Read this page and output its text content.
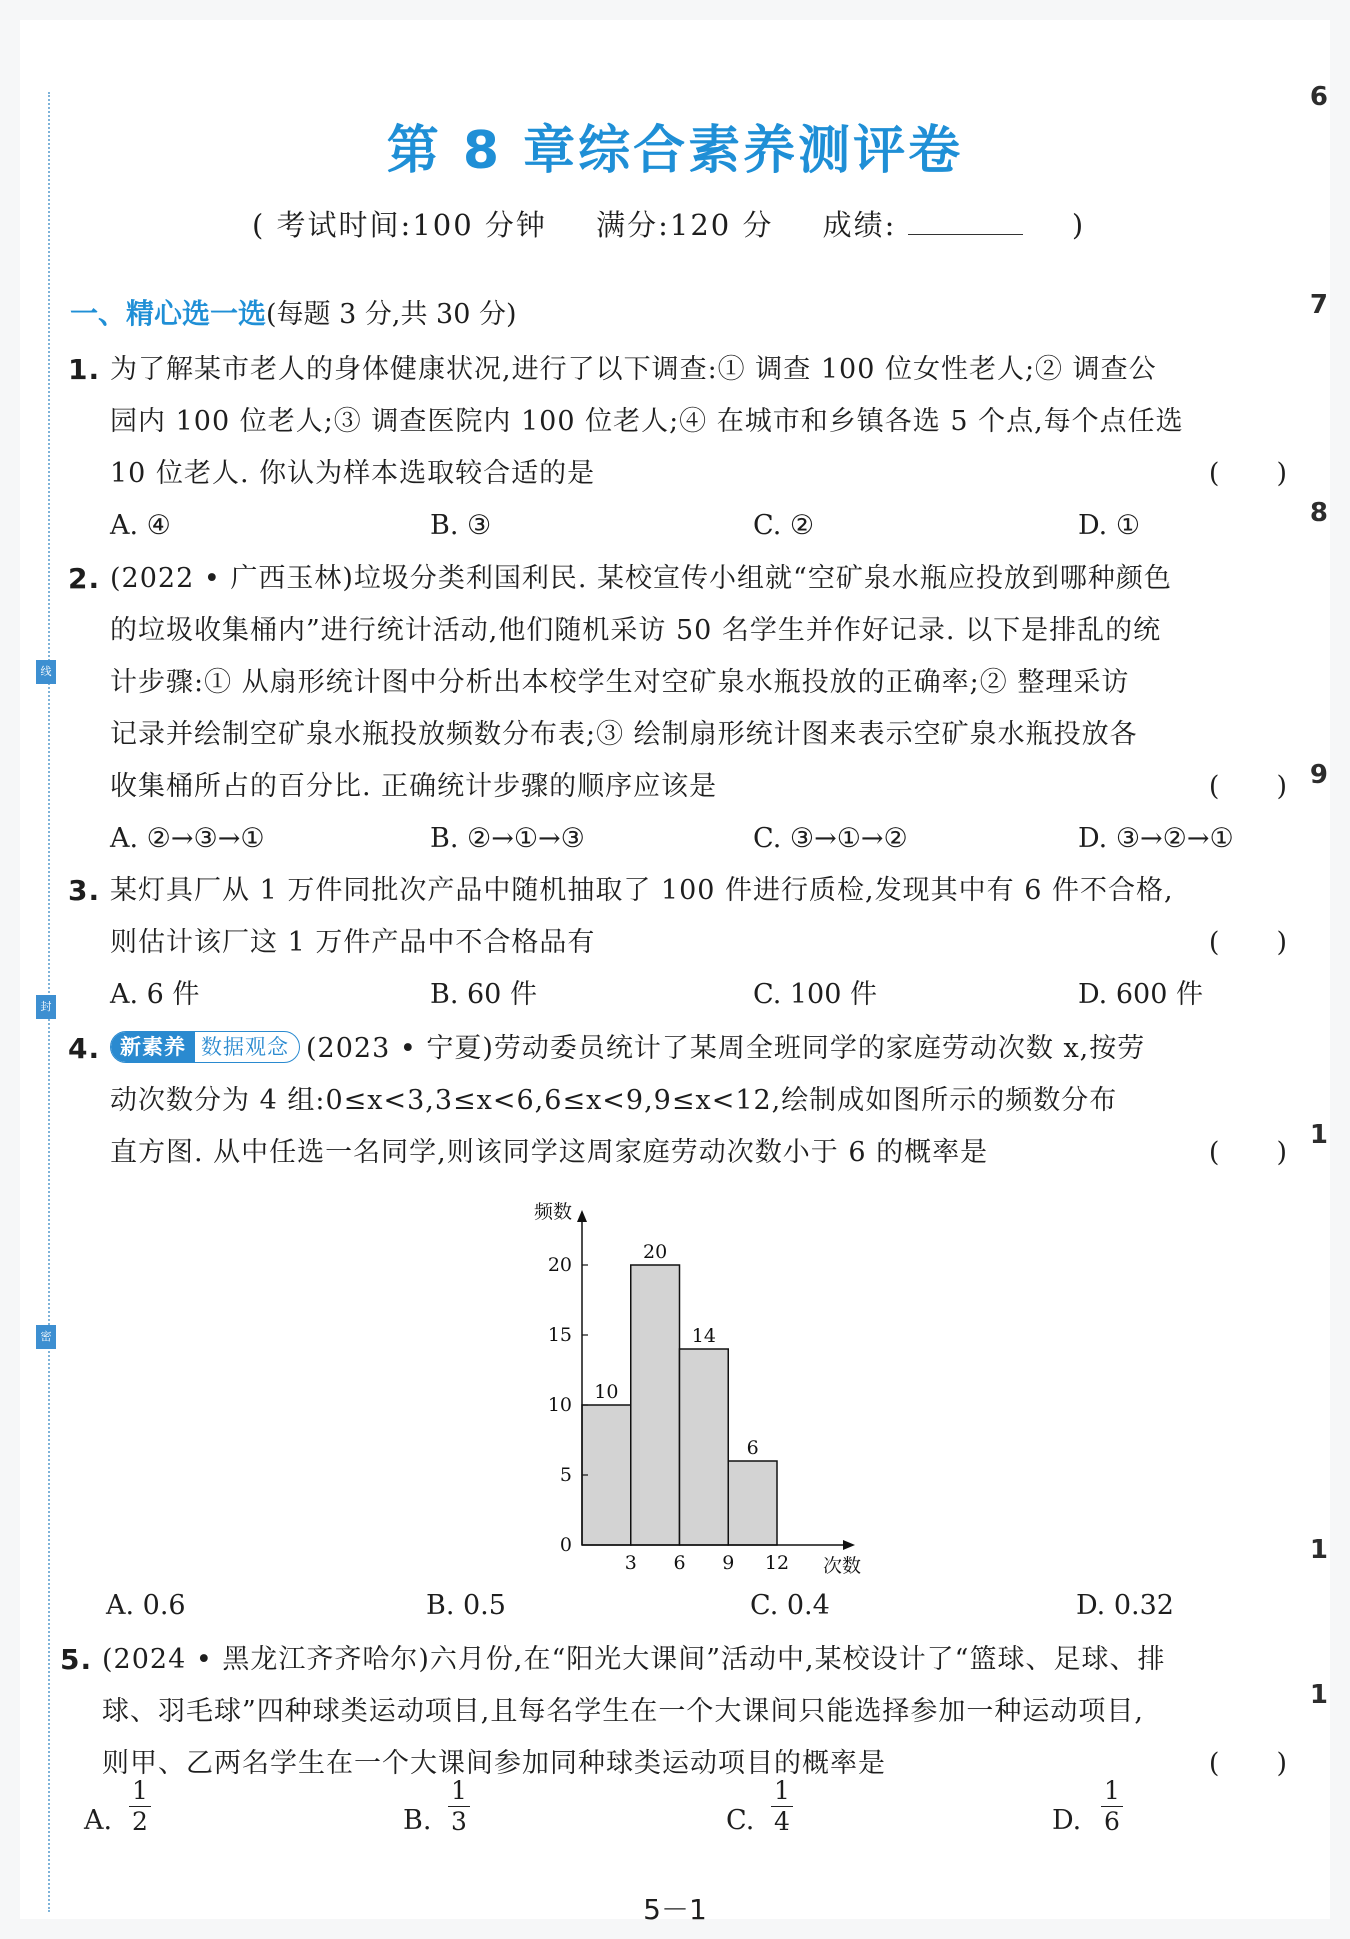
线
封
密
6
7
8
9
1
1
1
第 8 章综合素养测评卷
( 考试时间:100 分钟 满分:120 分 成绩:	)
一、精心选一选(每题 3 分,共 30 分)
1. 为了解某市老人的身体健康状况,进行了以下调查:① 调查 100 位女性老人;② 调查公
园内 100 位老人;③ 调查医院内 100 位老人;④ 在城市和乡镇各选 5 个点,每个点任选
10 位老人. 你认为样本选取较合适的是	(　　)
A. ④	B. ③	C. ②	D. ①
2. (2022 • 广西玉林)垃圾分类利国利民. 某校宣传小组就“空矿泉水瓶应投放到哪种颜色
的垃圾收集桶内”进行统计活动,他们随机采访 50 名学生并作好记录. 以下是排乱的统
计步骤:① 从扇形统计图中分析出本校学生对空矿泉水瓶投放的正确率;② 整理采访
记录并绘制空矿泉水瓶投放频数分布表;③ 绘制扇形统计图来表示空矿泉水瓶投放各
收集桶所占的百分比. 正确统计步骤的顺序应该是	(　　)
A. ②→③→①	B. ②→①→③	C. ③→①→②	D. ③→②→①
3. 某灯具厂从 1 万件同批次产品中随机抽取了 100 件进行质检,发现其中有 6 件不合格,
则估计该厂这 1 万件产品中不合格品有	(　　)
A. 6 件	B. 60 件	C. 100 件	D. 600 件
4. 新素养 数据观念 (2023 • 宁夏)劳动委员统计了某周全班同学的家庭劳动次数 x,按劳
动次数分为 4 组:0≤x<3,3≤x<6,6≤x<9,9≤x<12,绘制成如图所示的频数分布
直方图. 从中任选一名同学,则该同学这周家庭劳动次数小于 6 的概率是	(　　)
10
20
14
6
0
5
10
15
20
3 6 9 12
频数
次数
A. 0.6	B. 0.5	C. 0.4	D. 0.32
5. (2024 • 黑龙江齐齐哈尔)六月份,在“阳光大课间”活动中,某校设计了“篮球、足球、排
球、羽毛球”四种球类运动项目,且每名学生在一个大课间只能选择参加一种运动项目,
则甲、乙两名学生在一个大课间参加同种球类运动项目的概率是	(　　)
A.
1
2	B.
1
3	C.
1
4	D.
1
6
5－1
